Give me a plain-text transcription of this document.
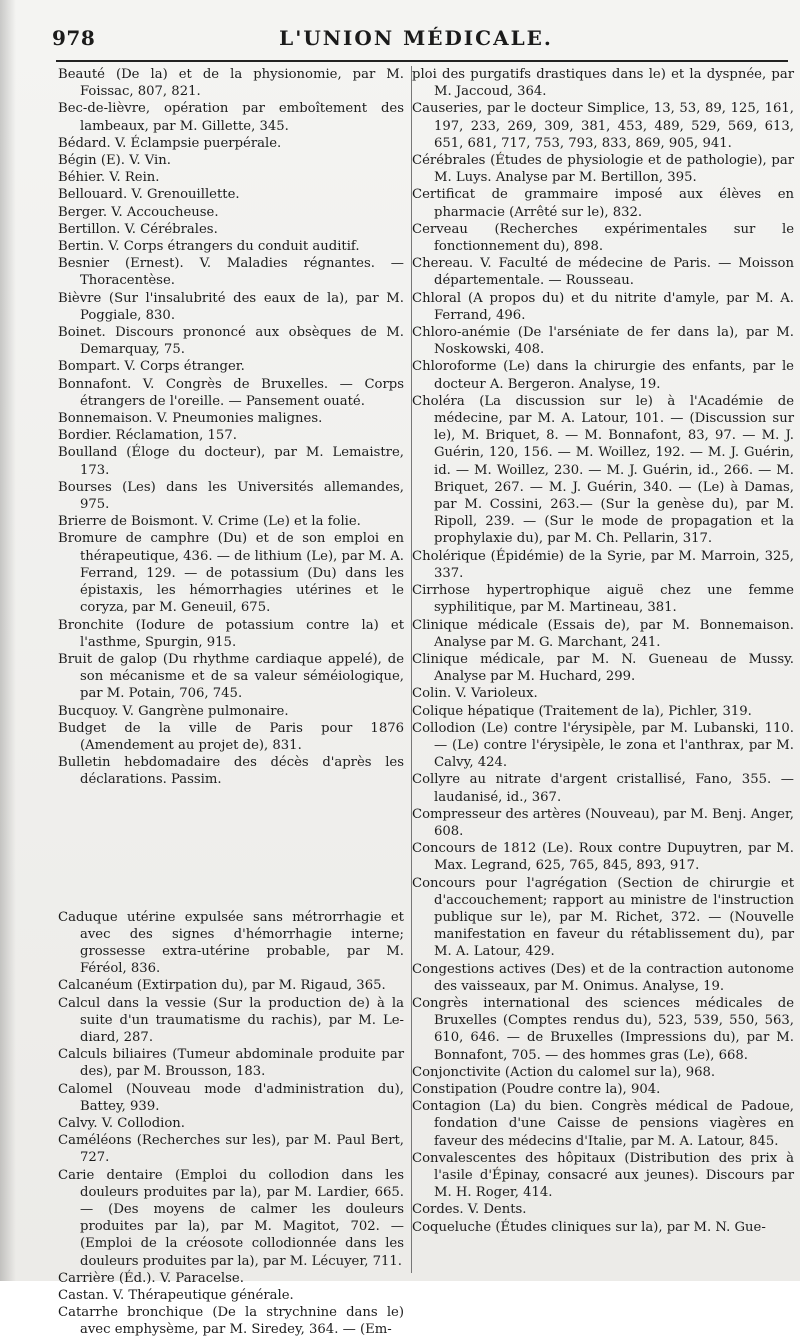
978	L'UNION MÉDICALE.

Beauté (De la) et de la physionomie, par M. Foissac, 807, 821.

Bec-de-lièvre, opération par emboîtement des lambeaux, par M. Gillette, 345.

Bédard. V. Éclampsie puerpérale.

Bégin (E). V. Vin.

Béhier. V. Rein.

Bellouard. V. Grenouillette.

Berger. V. Accoucheuse.

Bertillon. V. Cérébrales.

Bertin. V. Corps étrangers du conduit auditif.

Besnier (Ernest). V. Maladies régnantes. — Thoracentèse.

Bièvre (Sur l'insalubrité des eaux de la), par M. Poggiale, 830.

Boinet. Discours prononcé aux obsèques de M. Demarquay, 75.

Bompart. V. Corps étranger.

Bonnafont. V. Congrès de Bruxelles. — Corps étrangers de l'oreille. — Pansement ouaté.

Bonnemaison. V. Pneumonies malignes.

Bordier. Réclamation, 157.

Boulland (Éloge du docteur), par M. Lemaistre, 173.

Bourses (Les) dans les Universités allemandes, 975.

Brierre de Boismont. V. Crime (Le) et la folie.

Bromure de camphre (Du) et de son emploi en thérapeutique, 436. — de lithium (Le), par M. A. Ferrand, 129. — de potassium (Du) dans les épistaxis, les hémorrhagies utérines et le coryza, par M. Geneuil, 675.

Bronchite (Iodure de potassium contre la) et l'asthme, Spurgin, 915.

Bruit de galop (Du rhythme cardiaque appelé), de son mécanisme et de sa valeur séméiologique, par M. Potain, 706, 745.

Bucquoy. V. Gangrène pulmonaire.

Budget de la ville de Paris pour 1876 (Amendement au projet de), 831.

Bulletin hebdomadaire des décès d'après les déclarations. Passim.

Caduque utérine expulsée sans métrorrhagie et avec des signes d'hémorrhagie interne; grossesse extra-utérine probable, par M. Féréol, 836.

Calcanéum (Extirpation du), par M. Rigaud, 365.

Calcul dans la vessie (Sur la production de) à la suite d'un traumatisme du rachis), par M. Le-diard, 287.

Calculs biliaires (Tumeur abdominale produite par des), par M. Brousson, 183.

Calomel (Nouveau mode d'administration du), Battey, 939.

Calvy. V. Collodion.

Caméléons (Recherches sur les), par M. Paul Bert, 727.

Carie dentaire (Emploi du collodion dans les douleurs produites par la), par M. Lardier, 665. — (Des moyens de calmer les douleurs produites par la), par M. Magitot, 702. — (Emploi de la créosote collodionnée dans les douleurs produites par la), par M. Lécuyer, 711.

Carrière (Éd.). V. Paracelse.

Castan. V. Thérapeutique générale.

Catarrhe bronchique (De la strychnine dans le) avec emphysème, par M. Siredey, 364. — (Em-

ploi des purgatifs drastiques dans le) et la dyspnée, par M. Jaccoud, 364.

Causeries, par le docteur Simplice, 13, 53, 89, 125, 161, 197, 233, 269, 309, 381, 453, 489, 529, 569, 613, 651, 681, 717, 753, 793, 833, 869, 905, 941.

Cérébrales (Études de physiologie et de pathologie), par M. Luys. Analyse par M. Bertillon, 395.

Certificat de grammaire imposé aux élèves en pharmacie (Arrêté sur le), 832.

Cerveau (Recherches expérimentales sur le fonctionnement du), 898.

Chereau. V. Faculté de médecine de Paris. — Moisson départementale. — Rousseau.

Chloral (A propos du) et du nitrite d'amyle, par M. A. Ferrand, 496.

Chloro-anémie (De l'arséniate de fer dans la), par M. Noskowski, 408.

Chloroforme (Le) dans la chirurgie des enfants, par le docteur A. Bergeron. Analyse, 19.

Choléra (La discussion sur le) à l'Académie de médecine, par M. A. Latour, 101. — (Discussion sur le), M. Briquet, 8. — M. Bonnafont, 83, 97. — M. J. Guérin, 120, 156. — M. Woillez, 192. — M. J. Guérin, id. — M. Woillez, 230. — M. J. Guérin, id., 266. — M. Briquet, 267. — M. J. Guérin, 340. — (Le) à Damas, par M. Cossini, 263.— (Sur la genèse du), par M. Ripoll, 239. — (Sur le mode de propagation et la prophylaxie du), par M. Ch. Pellarin, 317.

Cholérique (Épidémie) de la Syrie, par M. Marroin, 325, 337.

Cirrhose hypertrophique aiguë chez une femme syphilitique, par M. Martineau, 381.

Clinique médicale (Essais de), par M. Bonnemaison. Analyse par M. G. Marchant, 241.

Clinique médicale, par M. N. Gueneau de Mussy. Analyse par M. Huchard, 299.

Colin. V. Varioleux.

Colique hépatique (Traitement de la), Pichler, 319.

Collodion (Le) contre l'érysipèle, par M. Lubanski, 110. — (Le) contre l'érysipèle, le zona et l'anthrax, par M. Calvy, 424.

Collyre au nitrate d'argent cristallisé, Fano, 355. — laudanisé, id., 367.

Compresseur des artères (Nouveau), par M. Benj. Anger, 608.

Concours de 1812 (Le). Roux contre Dupuytren, par M. Max. Legrand, 625, 765, 845, 893, 917.

Concours pour l'agrégation (Section de chirurgie et d'accouchement; rapport au ministre de l'instruction publique sur le), par M. Richet, 372. — (Nouvelle manifestation en faveur du rétablissement du), par M. A. Latour, 429.

Congestions actives (Des) et de la contraction autonome des vaisseaux, par M. Onimus. Analyse, 19.

Congrès international des sciences médicales de Bruxelles (Comptes rendus du), 523, 539, 550, 563, 610, 646. — de Bruxelles (Impressions du), par M. Bonnafont, 705. — des hommes gras (Le), 668.

Conjonctivite (Action du calomel sur la), 968.

Constipation (Poudre contre la), 904.

Contagion (La) du bien. Congrès médical de Padoue, fondation d'une Caisse de pensions viagères en faveur des médecins d'Italie, par M. A. Latour, 845.

Convalescentes des hôpitaux (Distribution des prix à l'asile d'Épinay, consacré aux jeunes). Discours par M. H. Roger, 414.

Cordes. V. Dents.

Coqueluche (Études cliniques sur la), par M. N. Gue-
